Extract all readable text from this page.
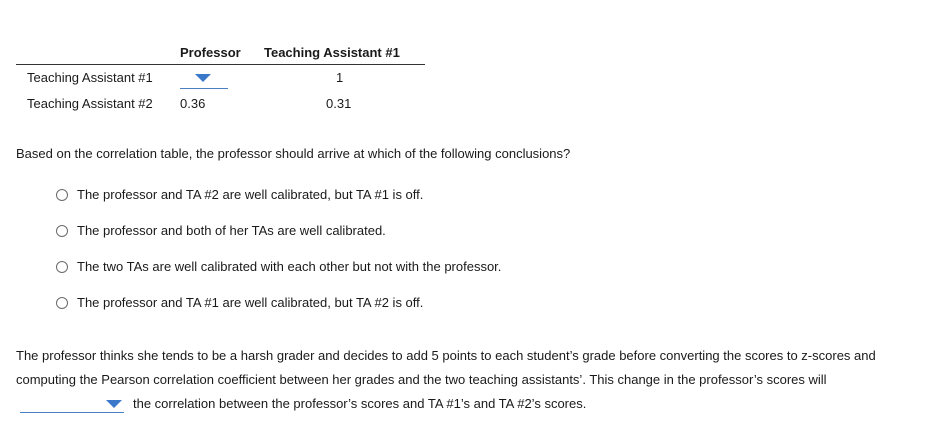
Professor Teaching Assistant #1
Teaching Assistant #1	1
Teaching Assistant #2 0.36	0.31
Based on the correlation table, the professor should arrive at which of the following conclusions?
The professor and TA #2 are well calibrated, but TA #1 is off.
The professor and both of her TAs are well calibrated.
The two TAs are well calibrated with each other but not with the professor.
The professor and TA #1 are well calibrated, but TA #2 is off.
The professor thinks she tends to be a harsh grader and decides to add 5 points to each student’s grade before converting the scores to z-scores and
computing the Pearson correlation coefficient between her grades and the two teaching assistants’. This change in the professor’s scores will
the correlation between the professor’s scores and TA #1’s and TA #2’s scores.
